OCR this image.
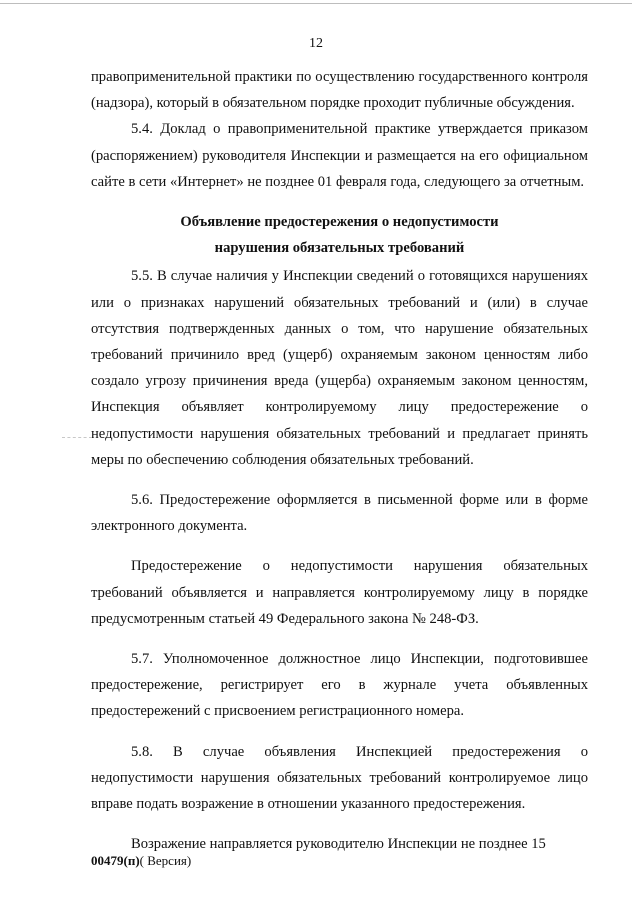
12

правоприменительной практики по осуществлению государственного контроля (надзора), который в обязательном порядке проходит публичные обсуждения.

5.4. Доклад о правоприменительной практике утверждается приказом (распоряжением) руководителя Инспекции и размещается на его официальном сайте в сети «Интернет» не позднее 01 февраля года, следующего за отчетным.

Объявление предостережения о недопустимости
нарушения обязательных требований

5.5. В случае наличия у Инспекции сведений о готовящихся нарушениях или о признаках нарушений обязательных требований и (или) в случае отсутствия подтвержденных данных о том, что нарушение обязательных требований причинило вред (ущерб) охраняемым законом ценностям либо создало угрозу причинения вреда (ущерба) охраняемым законом ценностям, Инспекция объявляет контролируемому лицу предостережение о недопустимости нарушения обязательных требований и предлагает принять меры по обеспечению соблюдения обязательных требований.

5.6. Предостережение оформляется в письменной форме или в форме электронного документа.

Предостережение о недопустимости нарушения обязательных требований объявляется и направляется контролируемому лицу в порядке предусмотренным статьей 49 Федерального закона № 248-ФЗ.

5.7. Уполномоченное должностное лицо Инспекции, подготовившее предостережение, регистрирует его в журнале учета объявленных предостережений с присвоением регистрационного номера.

5.8. В случае объявления Инспекцией предостережения о недопустимости нарушения обязательных требований контролируемое лицо вправе подать возражение в отношении указанного предостережения.

Возражение направляется руководителю Инспекции не позднее 15

00479(п)( Версия)
